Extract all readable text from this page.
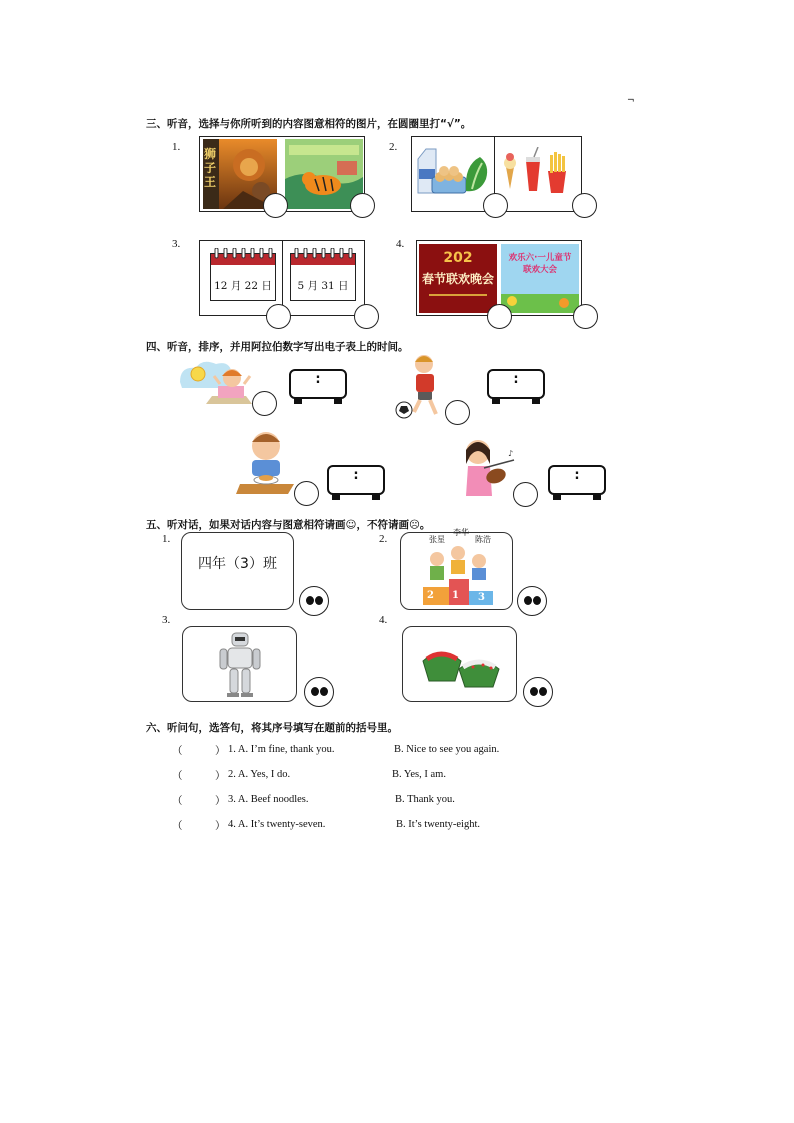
¬
三、听音，选择与你所听到的内容图意相符的图片，在圆圈里打“√”。
1.	2.
3.	4.
狮子王
12 月 22 日	5 月 31 日
202
春节联欢晚会
欢乐六·一儿童节联欢大会
四、听音，排序，并用阿拉伯数字写出电子表上的时间。
:	:
:
♪
:
五、听对话，如果对话内容与图意相符请画☺，不符请画☹。
1.	2.
3.	4.
四年（3）班
张星
李华
陈浩
2 1 3
六、听问句，选答句，将其序号填写在题前的括号里。
（	） 1. A. I’m fine, thank you.	B. Nice to see you again.
（	） 2. A. Yes, I do.	B. Yes, I am.
（	） 3. A. Beef noodles.	B. Thank you.
（	） 4. A. It’s twenty-seven.	B. It’s twenty-eight.
